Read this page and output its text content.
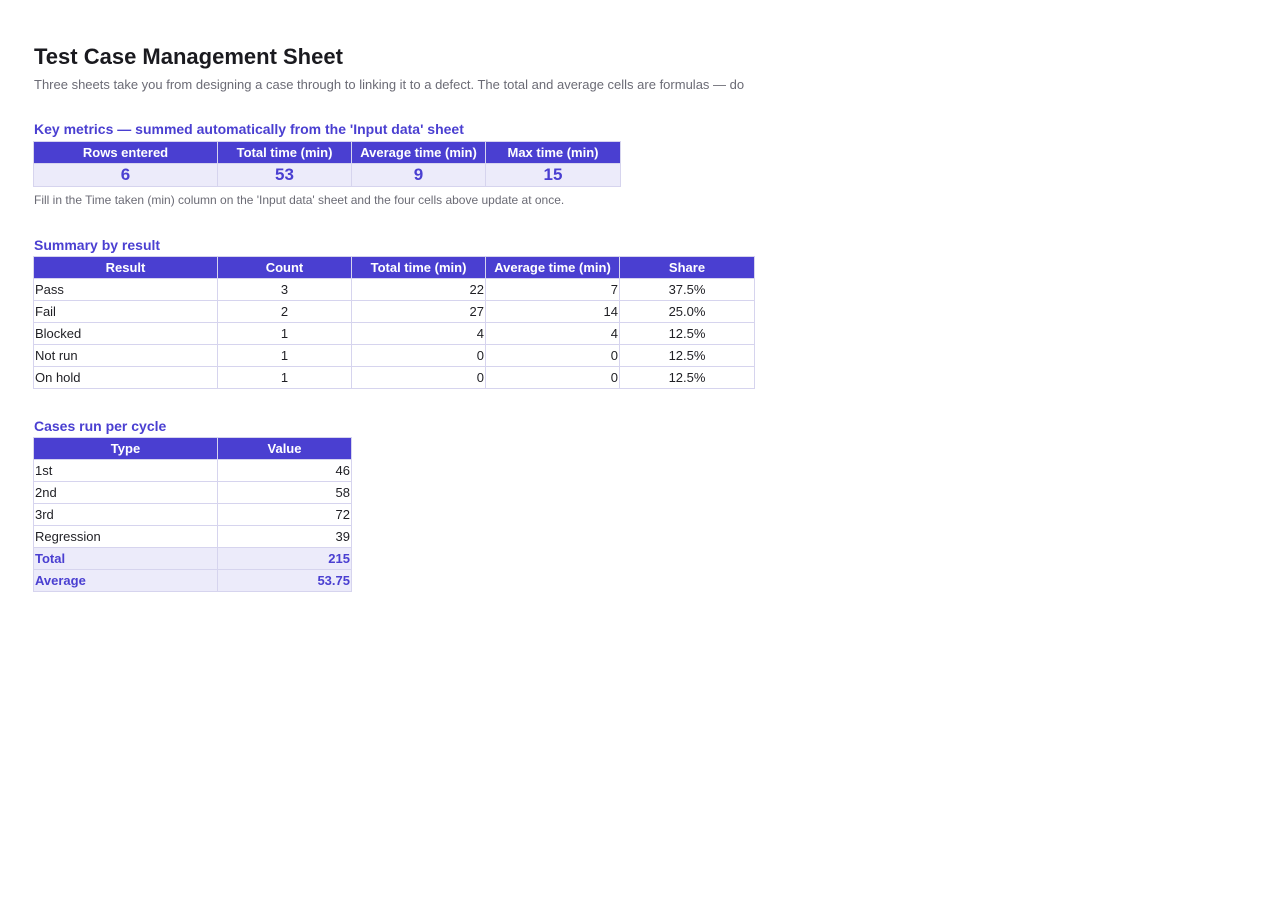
Test Case Management Sheet
Three sheets take you from designing a case through to linking it to a defect. The total and average cells are formulas — do
Key metrics — summed automatically from the 'Input data' sheet
Rows entered	Total time (min)	Average time (min)	Max time (min)
6	53	9	15
Fill in the Time taken (min) column on the 'Input data' sheet and the four cells above update at once.
Summary by result
Result	Count	Total time (min)	Average time (min)	Share
Pass	3	22	7	37.5%
Fail	2	27	14	25.0%
Blocked	1	4	4	12.5%
Not run	1	0	0	12.5%
On hold	1	0	0	12.5%
Cases run per cycle
Type	Value
1st	46
2nd	58
3rd	72
Regression	39
Total	215
Average	53.75
